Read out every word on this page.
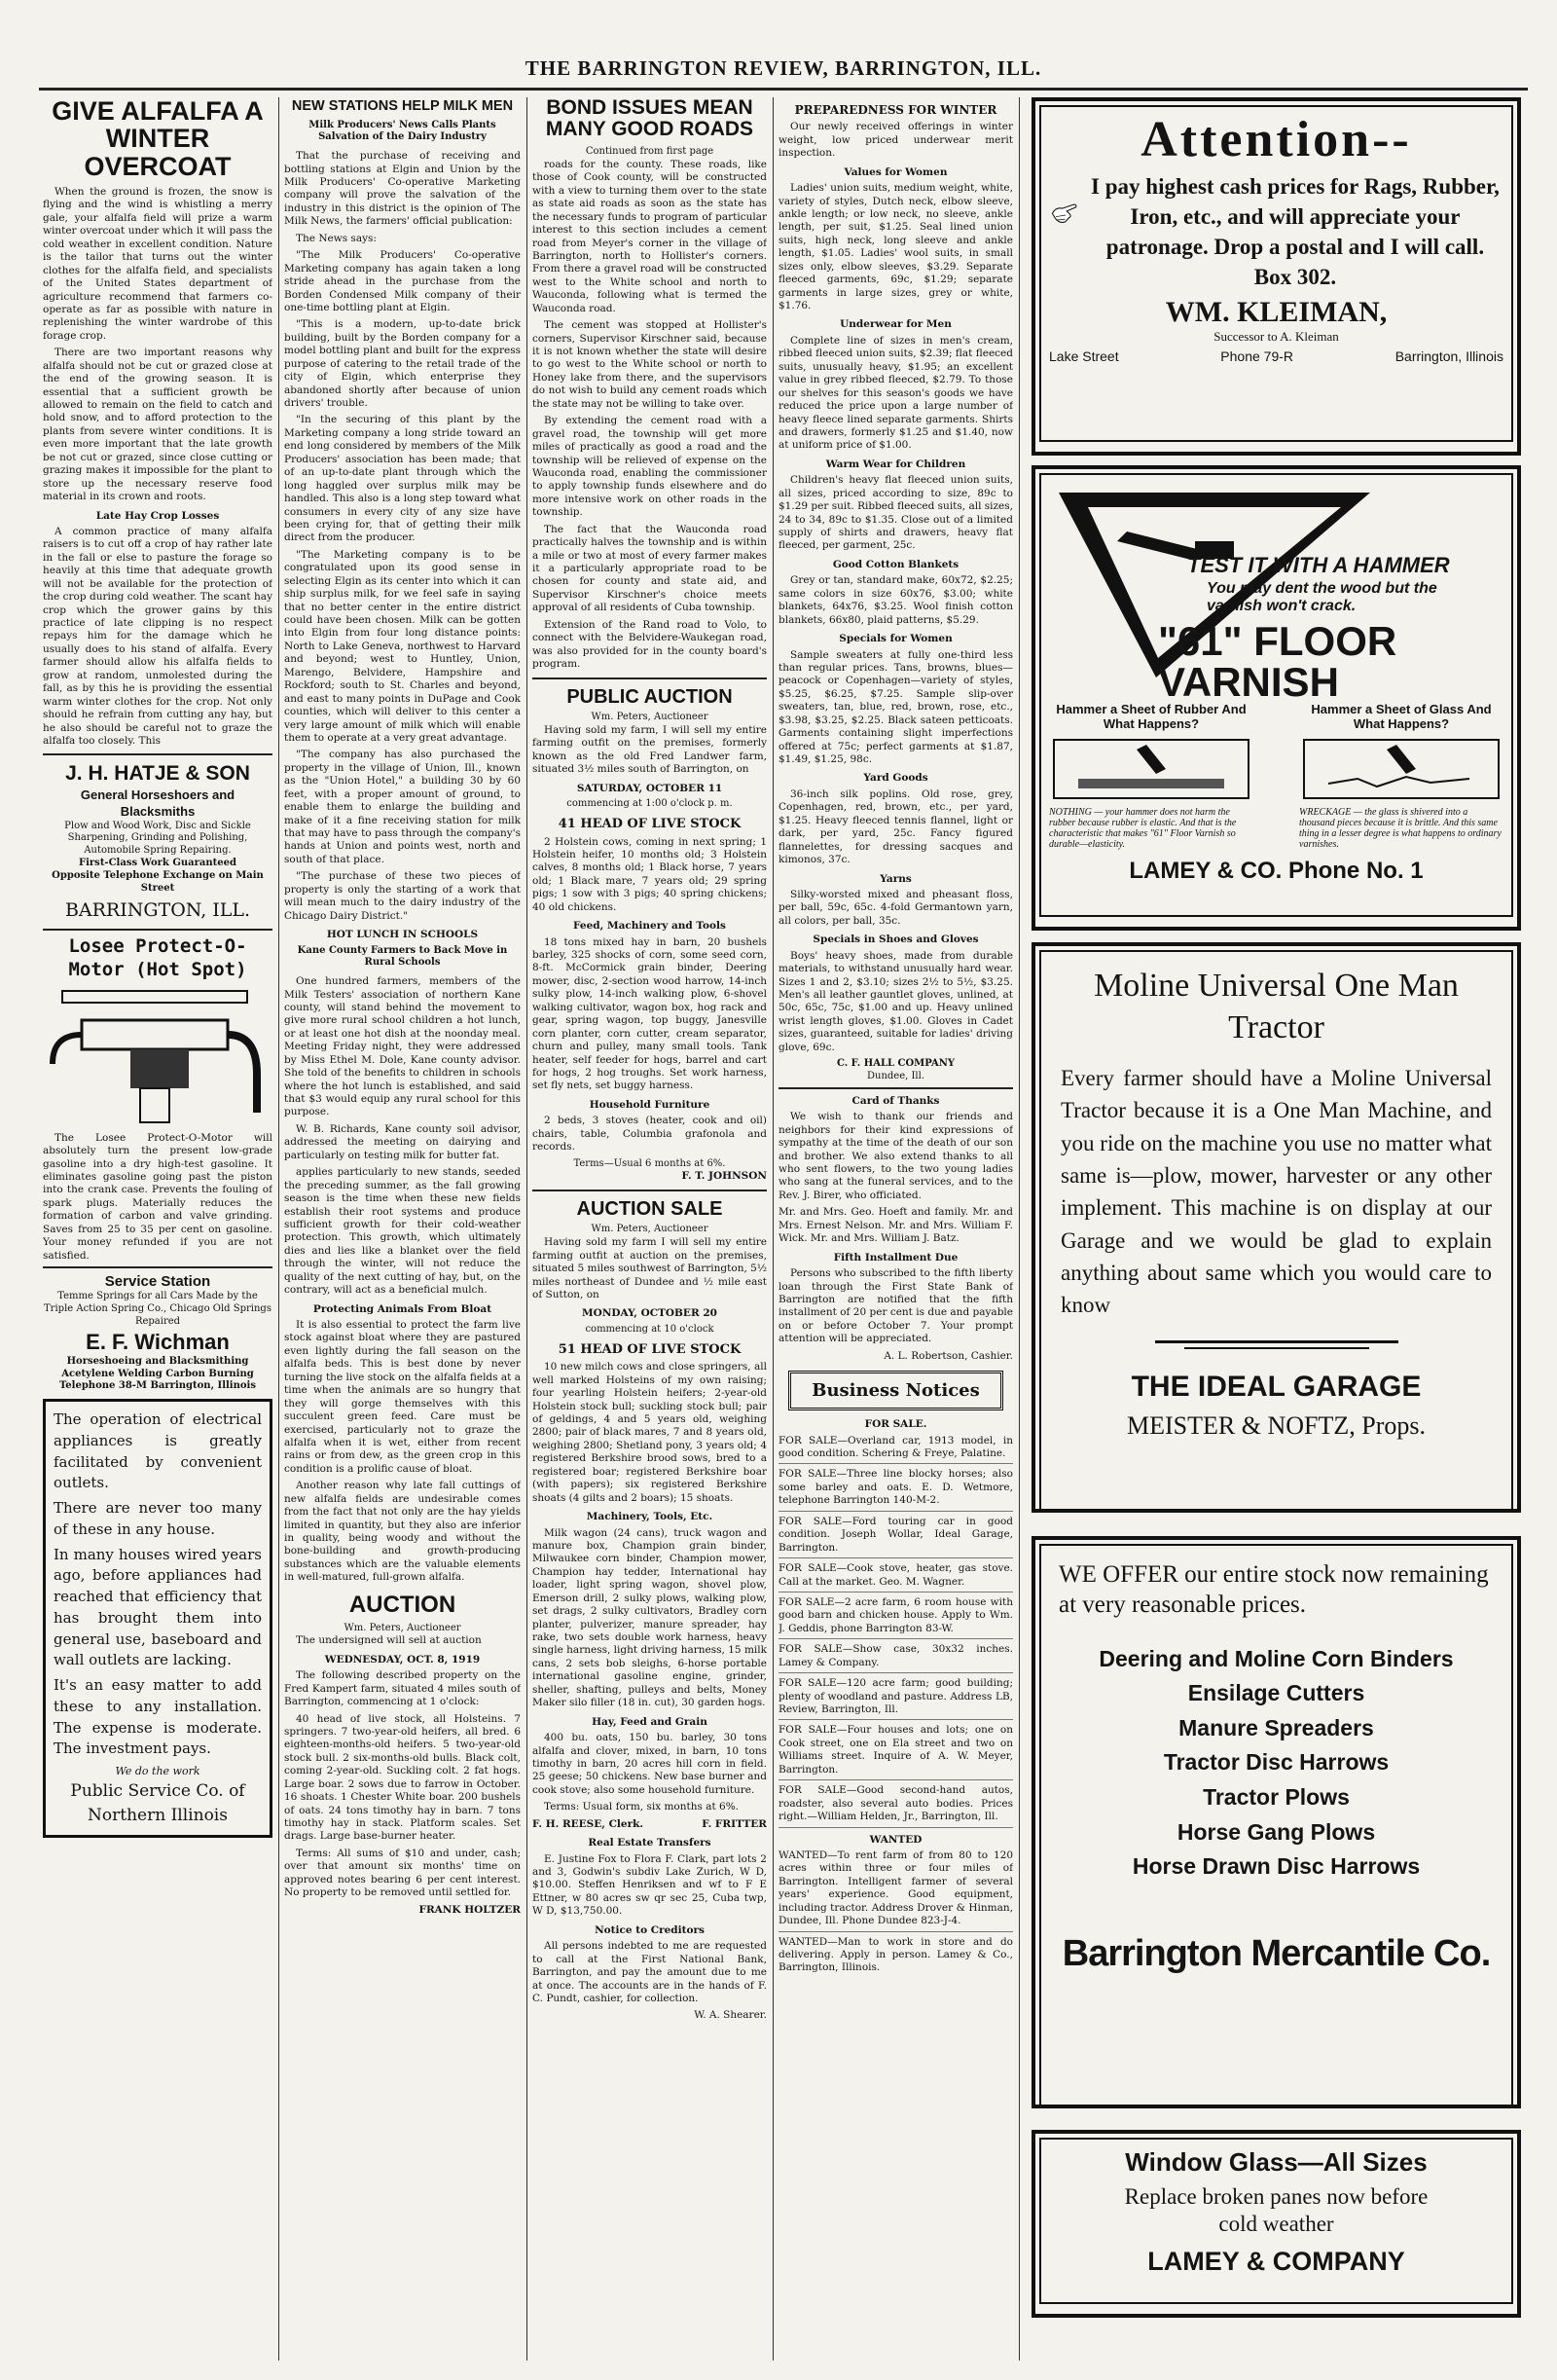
THE BARRINGTON REVIEW, BARRINGTON, ILL.
GIVE ALFALFA A WINTER OVERCOAT

When the ground is frozen, the snow is flying and the wind is whistling a merry gale, your alfalfa field will prize a warm winter overcoat under which it will pass the cold weather in excellent condition. Nature is the tailor that turns out the winter clothes for the alfalfa field, and specialists of the United States department of agriculture recommend that farmers co-operate as far as possible with nature in replenishing the winter wardrobe of this forage crop.

There are two important reasons why alfalfa should not be cut or grazed close at the end of the growing season. It is essential that a sufficient growth be allowed to remain on the field to catch and hold snow, and to afford protection to the plants from severe winter conditions. It is even more important that the late growth be not cut or grazed, since close cutting or grazing makes it impossible for the plant to store up the necessary reserve food material in its crown and roots.

Late Hay Crop Losses

A common practice of many alfalfa raisers is to cut off a crop of hay rather late in the fall or else to pasture the forage so heavily at this time that adequate growth will not be available for the protection of the crop during cold weather. The scant hay crop which the grower gains by this practice of late clipping is no respect repays him for the damage which he usually does to his stand of alfalfa. Every farmer should allow his alfalfa fields to grow at random, unmolested during the fall, as by this he is providing the essential warm winter clothes for the crop. Not only should he refrain from cutting any hay, but he also should be careful not to graze the alfalfa too closely. This

J. H. HATJE & SON
General Horseshoers and Blacksmiths
Plow and Wood Work, Disc and Sickle Sharpening, Grinding and Polishing, Automobile Spring Repairing.
First-Class Work Guaranteed
Opposite Telephone Exchange on Main Street
BARRINGTON, ILL.
Losee Protect-O-Motor (Hot Spot)

The Losee Protect-O-Motor will absolutely turn the present low-grade gasoline into a dry high-test gasoline. It eliminates gasoline going past the piston into the crank case. Prevents the fouling of spark plugs. Materially reduces the formation of carbon and valve grinding. Saves from 25 to 35 per cent on gasoline. Your money refunded if you are not satisfied.

Service Station
Temme Springs for all Cars Made by the Triple Action Spring Co., Chicago Old Springs Repaired
E. F. Wichman
Horseshoeing and Blacksmithing Acetylene Welding Carbon Burning
Telephone 38-M Barrington, Illinois

The operation of electrical appliances is greatly facilitated by convenient outlets.

There are never too many of these in any house.

In many houses wired years ago, before appliances had reached that efficiency that has brought them into general use, baseboard and wall outlets are lacking.

It's an easy matter to add these to any installation. The expense is moderate. The investment pays.

We do the work
Public Service Co. of Northern Illinois
NEW STATIONS HELP MILK MEN
Milk Producers' News Calls Plants Salvation of the Dairy Industry

That the purchase of receiving and bottling stations at Elgin and Union by the Milk Producers' Co-operative Marketing company will prove the salvation of the industry in this district is the opinion of The Milk News, the farmers' official publication:

The News says:

"The Milk Producers' Co-operative Marketing company has again taken a long stride ahead in the purchase from the Borden Condensed Milk company of their one-time bottling plant at Elgin.

"This is a modern, up-to-date brick building, built by the Borden company for a model bottling plant and built for the express purpose of catering to the retail trade of the city of Elgin, which enterprise they abandoned shortly after because of union drivers' trouble.

"In the securing of this plant by the Marketing company a long stride toward an end long considered by members of the Milk Producers' association has been made; that of an up-to-date plant through which the long haggled over surplus milk may be handled. This also is a long step toward what consumers in every city of any size have been crying for, that of getting their milk direct from the producer.

"The Marketing company is to be congratulated upon its good sense in selecting Elgin as its center into which it can ship surplus milk, for we feel safe in saying that no better center in the entire district could have been chosen. Milk can be gotten into Elgin from four long distance points: North to Lake Geneva, northwest to Harvard and beyond; west to Huntley, Union, Marengo, Belvidere, Hampshire and Rockford; south to St. Charles and beyond, and east to many points in DuPage and Cook counties, which will deliver to this center a very large amount of milk which will enable them to operate at a very great advantage.

"The company has also purchased the property in the village of Union, Ill., known as the "Union Hotel," a building 30 by 60 feet, with a proper amount of ground, to enable them to enlarge the building and make of it a fine receiving station for milk that may have to pass through the company's hands at Union and points west, north and south of that place.

"The purchase of these two pieces of property is only the starting of a work that will mean much to the dairy industry of the Chicago Dairy District."

HOT LUNCH IN SCHOOLS
Kane County Farmers to Back Move in Rural Schools

One hundred farmers, members of the Milk Testers' association of northern Kane county, will stand behind the movement to give more rural school children a hot lunch, or at least one hot dish at the noonday meal. Meeting Friday night, they were addressed by Miss Ethel M. Dole, Kane county advisor. She told of the benefits to children in schools where the hot lunch is established, and said that $3 would equip any rural school for this purpose.

W. B. Richards, Kane county soil advisor, addressed the meeting on dairying and particularly on testing milk for butter fat.

applies particularly to new stands, seeded the preceding summer, as the fall growing season is the time when these new fields establish their root systems and produce sufficient growth for their cold-weather protection. This growth, which ultimately dies and lies like a blanket over the field through the winter, will not reduce the quality of the next cutting of hay, but, on the contrary, will act as a beneficial mulch.

Protecting Animals From Bloat

It is also essential to protect the farm live stock against bloat where they are pastured even lightly during the fall season on the alfalfa beds. This is best done by never turning the live stock on the alfalfa fields at a time when the animals are so hungry that they will gorge themselves with this succulent green feed. Care must be exercised, particularly not to graze the alfalfa when it is wet, either from recent rains or from dew, as the green crop in this condition is a prolific cause of bloat.

Another reason why late fall cuttings of new alfalfa fields are undesirable comes from the fact that not only are the hay yields limited in quantity, but they also are inferior in quality, being woody and without the bone-building and growth-producing substances which are the valuable elements in well-matured, full-grown alfalfa.

AUCTION
Wm. Peters, Auctioneer

The undersigned will sell at auction

WEDNESDAY, OCT. 8, 1919

The following described property on the Fred Kampert farm, situated 4 miles south of Barrington, commencing at 1 o'clock:

40 head of live stock, all Holsteins. 7 springers. 7 two-year-old heifers, all bred. 6 eighteen-months-old heifers. 5 two-year-old stock bull. 2 six-months-old bulls. Black colt, coming 2-year-old. Suckling colt. 2 fat hogs. Large boar. 2 sows due to farrow in October. 16 shoats. 1 Chester White boar. 200 bushels of oats. 24 tons timothy hay in barn. 7 tons timothy hay in stack. Platform scales. Set drags. Large base-burner heater.

Terms: All sums of $10 and under, cash; over that amount six months' time on approved notes bearing 6 per cent interest. No property to be removed until settled for.

FRANK HOLTZER
BOND ISSUES MEAN MANY GOOD ROADS
Continued from first page

roads for the county. These roads, like those of Cook county, will be constructed with a view to turning them over to the state as state aid roads as soon as the state has the necessary funds to program of particular interest to this section includes a cement road from Meyer's corner in the village of Barrington, north to Hollister's corners. From there a gravel road will be constructed west to the White school and north to Wauconda, following what is termed the Wauconda road.

The cement was stopped at Hollister's corners, Supervisor Kirschner said, because it is not known whether the state will desire to go west to the White school or north to Honey lake from there, and the supervisors do not wish to build any cement roads which the state may not be willing to take over.

By extending the cement road with a gravel road, the township will get more miles of practically as good a road and the township will be relieved of expense on the Wauconda road, enabling the commissioner to apply township funds elsewhere and do more intensive work on other roads in the township.

The fact that the Wauconda road practically halves the township and is within a mile or two at most of every farmer makes it a particularly appropriate road to be chosen for county and state aid, and Supervisor Kirschner's choice meets approval of all residents of Cuba township.

Extension of the Rand road to Volo, to connect with the Belvidere-Waukegan road, was also provided for in the county board's program.

PUBLIC AUCTION
Wm. Peters, Auctioneer

Having sold my farm, I will sell my entire farming outfit on the premises, formerly known as the old Fred Landwer farm, situated 3½ miles south of Barrington, on

SATURDAY, OCTOBER 11
commencing at 1:00 o'clock p. m.
41 HEAD OF LIVE STOCK

2 Holstein cows, coming in next spring; 1 Holstein heifer, 10 months old; 3 Holstein calves, 8 months old; 1 Black horse, 7 years old; 1 Black mare, 7 years old; 29 spring pigs; 1 sow with 3 pigs; 40 spring chickens; 40 old chickens.

Feed, Machinery and Tools

18 tons mixed hay in barn, 20 bushels barley, 325 shocks of corn, some seed corn, 8-ft. McCormick grain binder, Deering mower, disc, 2-section wood harrow, 14-inch sulky plow, 14-inch walking plow, 6-shovel walking cultivator, wagon box, hog rack and gear, spring wagon, top buggy, Janesville corn planter, corn cutter, cream separator, churn and pulley, many small tools. Tank heater, self feeder for hogs, barrel and cart for hogs, 2 hog troughs. Set work harness, set fly nets, set buggy harness.

Household Furniture

2 beds, 3 stoves (heater, cook and oil) chairs, table, Columbia grafonola and records.

Terms—Usual 6 months at 6%.
F. T. JOHNSON
AUCTION SALE
Wm. Peters, Auctioneer

Having sold my farm I will sell my entire farming outfit at auction on the premises, situated 5 miles southwest of Barrington, 5½ miles northeast of Dundee and ½ mile east of Sutton, on

MONDAY, OCTOBER 20
commencing at 10 o'clock
51 HEAD OF LIVE STOCK

10 new milch cows and close springers, all well marked Holsteins of my own raising; four yearling Holstein heifers; 2-year-old Holstein stock bull; suckling stock bull; pair of geldings, 4 and 5 years old, weighing 2800; pair of black mares, 7 and 8 years old, weighing 2800; Shetland pony, 3 years old; 4 registered Berkshire brood sows, bred to a registered boar; registered Berkshire boar (with papers); six registered Berkshire shoats (4 gilts and 2 boars); 15 shoats.

Machinery, Tools, Etc.

Milk wagon (24 cans), truck wagon and manure box, Champion grain binder, Milwaukee corn binder, Champion mower, Champion hay tedder, International hay loader, light spring wagon, shovel plow, Emerson drill, 2 sulky plows, walking plow, set drags, 2 sulky cultivators, Bradley corn planter, pulverizer, manure spreader, hay rake, two sets double work harness, heavy single harness, light driving harness, 15 milk cans, 2 sets bob sleighs, 6-horse portable international gasoline engine, grinder, sheller, shafting, pulleys and belts, Money Maker silo filler (18 in. cut), 30 garden hogs.

Hay, Feed and Grain

400 bu. oats, 150 bu. barley, 30 tons alfalfa and clover, mixed, in barn, 10 tons timothy in barn, 20 acres hill corn in field. 25 geese; 50 chickens. New base burner and cook stove; also some household furniture.

Terms: Usual form, six months at 6%.

F. H. REESE, Clerk.	F. FRITTER
Real Estate Transfers

E. Justine Fox to Flora F. Clark, part lots 2 and 3, Godwin's subdiv Lake Zurich, W D, $10.00. Steffen Henriksen and wf to F E Ettner, w 80 acres sw qr sec 25, Cuba twp, W D, $13,750.00.

Notice to Creditors

All persons indebted to me are requested to call at the First National Bank, Barrington, and pay the amount due to me at once. The accounts are in the hands of F. C. Pundt, cashier, for collection.

W. A. Shearer.
PREPAREDNESS FOR WINTER

Our newly received offerings in winter weight, low priced underwear merit inspection.

Values for Women

Ladies' union suits, medium weight, white, variety of styles, Dutch neck, elbow sleeve, ankle length; or low neck, no sleeve, ankle length, per suit, $1.25. Seal lined union suits, high neck, long sleeve and ankle length, $1.05. Ladies' wool suits, in small sizes only, elbow sleeves, $3.29. Separate fleeced garments, 69c, $1.29; separate garments in large sizes, grey or white, $1.76.

Underwear for Men

Complete line of sizes in men's cream, ribbed fleeced union suits, $2.39; flat fleeced suits, unusually heavy, $1.95; an excellent value in grey ribbed fleeced, $2.79. To those our shelves for this season's goods we have reduced the price upon a large number of heavy fleece lined separate garments. Shirts and drawers, formerly $1.25 and $1.40, now at uniform price of $1.00.

Warm Wear for Children

Children's heavy flat fleeced union suits, all sizes, priced according to size, 89c to $1.29 per suit. Ribbed fleeced suits, all sizes, 24 to 34, 89c to $1.35. Close out of a limited supply of shirts and drawers, heavy flat fleeced, per garment, 25c.

Good Cotton Blankets

Grey or tan, standard make, 60x72, $2.25; same colors in size 60x76, $3.00; white blankets, 64x76, $3.25. Wool finish cotton blankets, 66x80, plaid patterns, $5.29.

Specials for Women

Sample sweaters at fully one-third less than regular prices. Tans, browns, blues—peacock or Copenhagen—variety of styles, $5.25, $6.25, $7.25. Sample slip-over sweaters, tan, blue, red, brown, rose, etc., $3.98, $3.25, $2.25. Black sateen petticoats. Garments containing slight imperfections offered at 75c; perfect garments at $1.87, $1.49, $1.25, 98c.

Yard Goods

36-inch silk poplins. Old rose, grey, Copenhagen, red, brown, etc., per yard, $1.25. Heavy fleeced tennis flannel, light or dark, per yard, 25c. Fancy figured flannelettes, for dressing sacques and kimonos, 37c.

Yarns

Silky-worsted mixed and pheasant floss, per ball, 59c, 65c. 4-fold Germantown yarn, all colors, per ball, 35c.

Specials in Shoes and Gloves

Boys' heavy shoes, made from durable materials, to withstand unusually hard wear. Sizes 1 and 2, $3.10; sizes 2½ to 5½, $3.25. Men's all leather gauntlet gloves, unlined, at 50c, 65c, 75c, $1.00 and up. Heavy unlined wrist length gloves, $1.00. Gloves in Cadet sizes, guaranteed, suitable for ladies' driving glove, 69c.

C. F. HALL COMPANY
Dundee, Ill.
Card of Thanks

We wish to thank our friends and neighbors for their kind expressions of sympathy at the time of the death of our son and brother. We also extend thanks to all who sent flowers, to the two young ladies who sang at the funeral services, and to the Rev. J. Birer, who officiated.

Mr. and Mrs. Geo. Hoeft and family. Mr. and Mrs. Ernest Nelson. Mr. and Mrs. William F. Wick. Mr. and Mrs. William J. Batz.

Fifth Installment Due

Persons who subscribed to the fifth liberty loan through the First State Bank of Barrington are notified that the fifth installment of 20 per cent is due and payable on or before October 7. Your prompt attention will be appreciated.

A. L. Robertson, Cashier.
Business Notices
FOR SALE.

FOR SALE—Overland car, 1913 model, in good condition. Schering & Freye, Palatine.

FOR SALE—Three line blocky horses; also some barley and oats. E. D. Wetmore, telephone Barrington 140-M-2.

FOR SALE—Ford touring car in good condition. Joseph Wollar, Ideal Garage, Barrington.

FOR SALE—Cook stove, heater, gas stove. Call at the market. Geo. M. Wagner.

FOR SALE—2 acre farm, 6 room house with good barn and chicken house. Apply to Wm. J. Geddis, phone Barrington 83-W.

FOR SALE—Show case, 30x32 inches. Lamey & Company.

FOR SALE—120 acre farm; good building; plenty of woodland and pasture. Address LB, Review, Barrington, Ill.

FOR SALE—Four houses and lots; one on Cook street, one on Ela street and two on Williams street. Inquire of A. W. Meyer, Barrington.

FOR SALE—Good second-hand autos, roadster, also several auto bodies. Prices right.—William Helden, Jr., Barrington, Ill.

WANTED

WANTED—To rent farm of from 80 to 120 acres within three or four miles of Barrington. Intelligent farmer of several years' experience. Good equipment, including tractor. Address Drover & Hinman, Dundee, Ill. Phone Dundee 823-J-4.

WANTED—Man to work in store and do delivering. Apply in person. Lamey & Co., Barrington, Illinois.

Attention--
I pay highest cash prices for Rags, Rubber, Iron, etc., and will appreciate your patronage. Drop a postal and I will call. Box 302.
WM. KLEIMAN,
Successor to A. Kleiman
Lake Street	Phone 79-R	Barrington, Illinois
TEST IT WITH A HAMMER
You may dent the wood but the varnish won't crack.
"61" FLOOR VARNISH
Hammer a Sheet of Rubber And What Happens?
Hammer a Sheet of Glass And What Happens?
NOTHING — your hammer does not harm the rubber because rubber is elastic. And that is the characteristic that makes "61" Floor Varnish so durable—elasticity.
WRECKAGE — the glass is shivered into a thousand pieces because it is brittle. And this same thing in a lesser degree is what happens to ordinary varnishes.
LAMEY & CO. Phone No. 1
Moline Universal One Man Tractor
Every farmer should have a Moline Universal Tractor because it is a One Man Machine, and you ride on the machine you use no matter what same is—plow, mower, harvester or any other implement. This machine is on display at our Garage and we would be glad to explain anything about same which you would care to know
THE IDEAL GARAGE
MEISTER & NOFTZ, Props.
WE OFFER our entire stock now remaining at very reasonable prices.
Deering and Moline Corn Binders
Ensilage Cutters
Manure Spreaders
Tractor Disc Harrows
Tractor Plows
Horse Gang Plows
Horse Drawn Disc Harrows
Barrington Mercantile Co.
Window Glass—All Sizes
Replace broken panes now before cold weather
LAMEY & COMPANY
